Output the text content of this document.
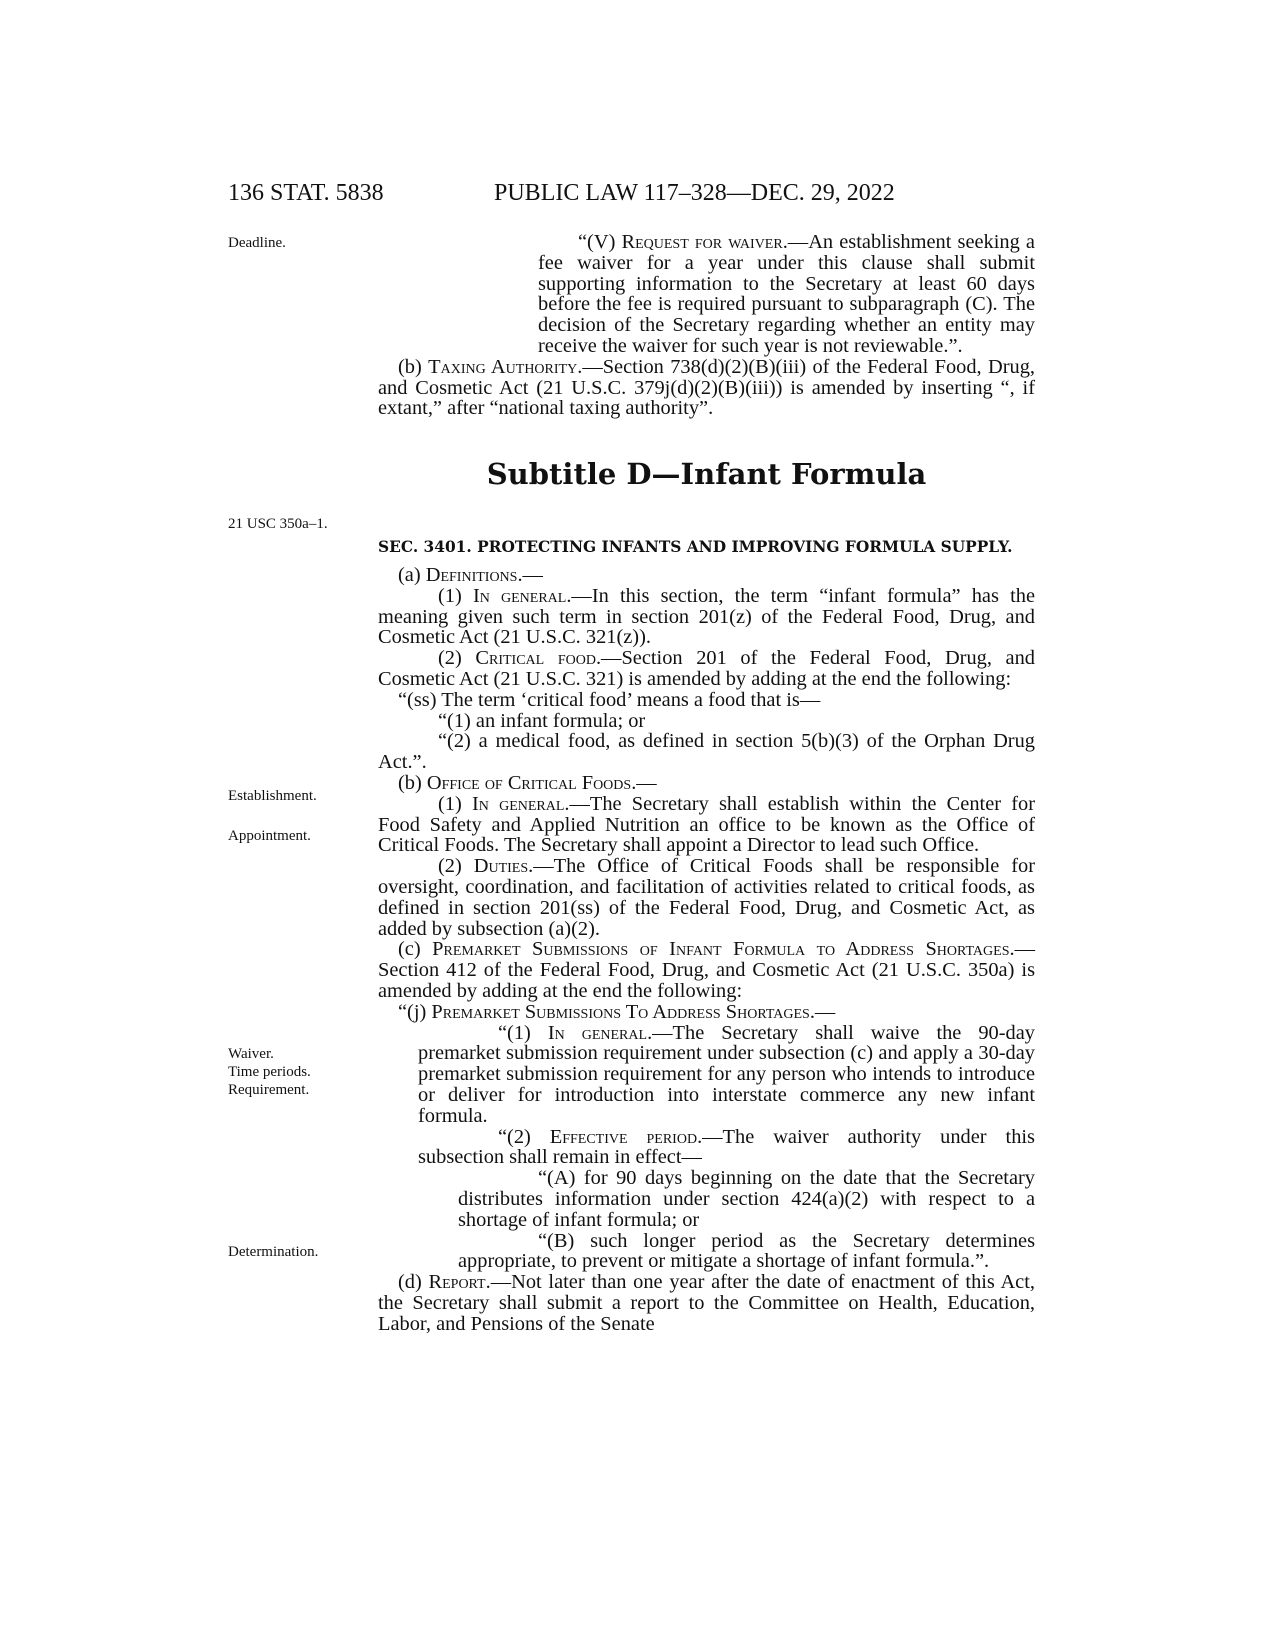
136 STAT. 5838	PUBLIC LAW 117–328—DEC. 29, 2022
Deadline.
21 USC 350a–1.
Establishment.
Appointment.
Waiver.
Time periods.
Requirement.
Determination.

“(V) Request for waiver.—An establishment seeking a fee waiver for a year under this clause shall submit supporting information to the Secretary at least 60 days before the fee is required pursuant to subparagraph (C). The decision of the Secretary regarding whether an entity may receive the waiver for such year is not reviewable.”.

(b) Taxing Authority.—Section 738(d)(2)(B)(iii) of the Federal Food, Drug, and Cosmetic Act (21 U.S.C. 379j(d)(2)(B)(iii)) is amended by inserting “, if extant,” after “national taxing authority”.

Subtitle D—Infant Formula
SEC. 3401. PROTECTING INFANTS AND IMPROVING FORMULA SUPPLY.

(a) Definitions.—

(1) In general.—In this section, the term “infant formula” has the meaning given such term in section 201(z) of the Federal Food, Drug, and Cosmetic Act (21 U.S.C. 321(z)).

(2) Critical food.—Section 201 of the Federal Food, Drug, and Cosmetic Act (21 U.S.C. 321) is amended by adding at the end the following:

“(ss) The term ‘critical food’ means a food that is—

“(1) an infant formula; or

“(2) a medical food, as defined in section 5(b)(3) of the Orphan Drug Act.”.

(b) Office of Critical Foods.—

(1) In general.—The Secretary shall establish within the Center for Food Safety and Applied Nutrition an office to be known as the Office of Critical Foods. The Secretary shall appoint a Director to lead such Office.

(2) Duties.—The Office of Critical Foods shall be responsible for oversight, coordination, and facilitation of activities related to critical foods, as defined in section 201(ss) of the Federal Food, Drug, and Cosmetic Act, as added by subsection (a)(2).

(c) Premarket Submissions of Infant Formula to Address Shortages.—Section 412 of the Federal Food, Drug, and Cosmetic Act (21 U.S.C. 350a) is amended by adding at the end the following:

“(j) Premarket Submissions To Address Shortages.—

“(1) In general.—The Secretary shall waive the 90-day premarket submission requirement under subsection (c) and apply a 30-day premarket submission requirement for any person who intends to introduce or deliver for introduction into interstate commerce any new infant formula.

“(2) Effective period.—The waiver authority under this subsection shall remain in effect—

“(A) for 90 days beginning on the date that the Secretary distributes information under section 424(a)(2) with respect to a shortage of infant formula; or

“(B) such longer period as the Secretary determines appropriate, to prevent or mitigate a shortage of infant formula.”.

(d) Report.—Not later than one year after the date of enactment of this Act, the Secretary shall submit a report to the Committee on Health, Education, Labor, and Pensions of the Senate
